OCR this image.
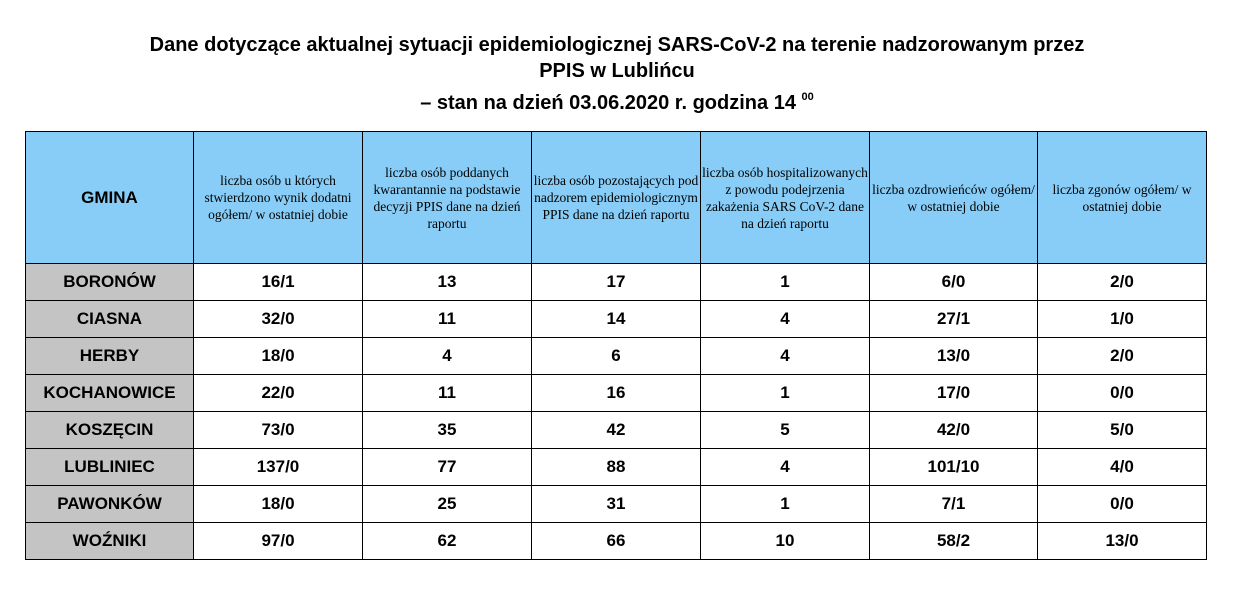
Dane dotyczące aktualnej sytuacji epidemiologicznej SARS-CoV-2 na terenie nadzorowanym przez
PPIS w Lublińcu
– stan na dzień 03.06.2020 r. godzina 14 $^{00}$
GMINA	liczba osób u których stwierdzono wynik dodatni ogółem/ w ostatniej dobie	liczba osób poddanych kwarantannie na podstawie decyzji PPIS dane na dzień raportu	liczba osób pozostających pod nadzorem epidemiologicznym PPIS dane na dzień raportu	liczba osób hospitalizowanych z powodu podejrzenia zakażenia SARS CoV-2 dane na dzień raportu	liczba ozdrowieńców ogółem/ w ostatniej dobie	liczba zgonów ogółem/ w ostatniej dobie
BORONÓW	16/1	13	17	1	6/0	2/0
CIASNA	32/0	11	14	4	27/1	1/0
HERBY	18/0	4	6	4	13/0	2/0
KOCHANOWICE	22/0	11	16	1	17/0	0/0
KOSZĘCIN	73/0	35	42	5	42/0	5/0
LUBLINIEC	137/0	77	88	4	101/10	4/0
PAWONKÓW	18/0	25	31	1	7/1	0/0
WOŹNIKI	97/0	62	66	10	58/2	13/0
